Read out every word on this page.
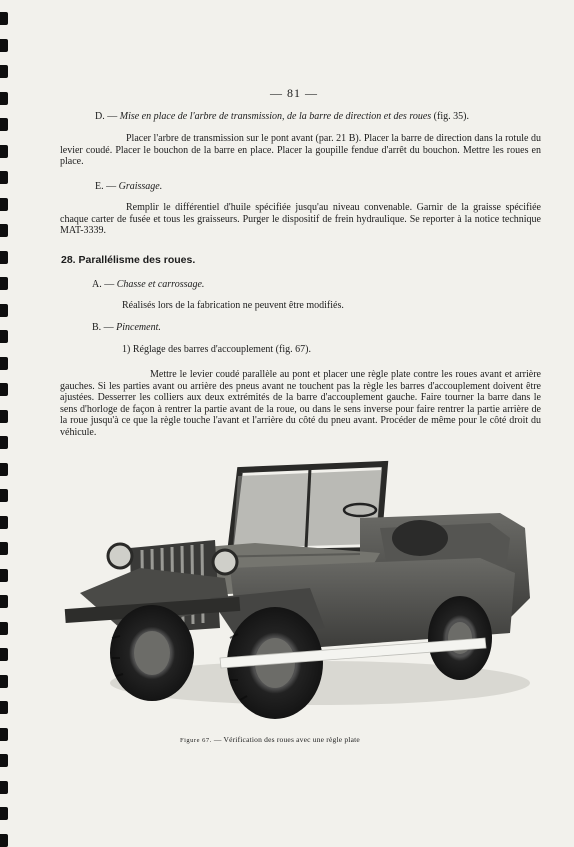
— 81 —
D. — Mise en place de l'arbre de transmission, de la barre de direction et des roues (fig. 35).

Placer l'arbre de transmission sur le pont avant (par. 21 B). Placer la barre de direction dans la rotule du levier coudé. Placer le bouchon de la barre en place. Placer la goupille fendue d'arrêt du bouchon. Mettre les roues en place.

E. — Graissage.

Remplir le différentiel d'huile spécifiée jusqu'au niveau convenable. Garnir de la graisse spécifiée chaque carter de fusée et tous les graisseurs. Purger le dispositif de frein hydraulique. Se reporter à la notice technique MAT-3339.

28. Parallélisme des roues.
A. — Chasse et carrossage.
Réalisés lors de la fabrication ne peuvent être modifiés.
B. — Pincement.
1) Réglage des barres d'accouplement (fig. 67).

Mettre le levier coudé parallèle au pont et placer une règle plate contre les roues avant et arrière gauches. Si les parties avant ou arrière des pneus avant ne touchent pas la règle les barres d'accouplement doivent être ajustées. Desserrer les colliers aux deux extrémités de la barre d'accouplement gauche. Faire tourner la barre dans le sens d'horloge de façon à rentrer la partie avant de la roue, ou dans le sens inverse pour faire rentrer la partie arrière de la roue jusqu'à ce que la règle touche l'avant et l'arrière du côté du pneu avant. Procéder de même pour le côté droit du véhicule.

Figure 67. — Vérification des roues avec une règle plate
